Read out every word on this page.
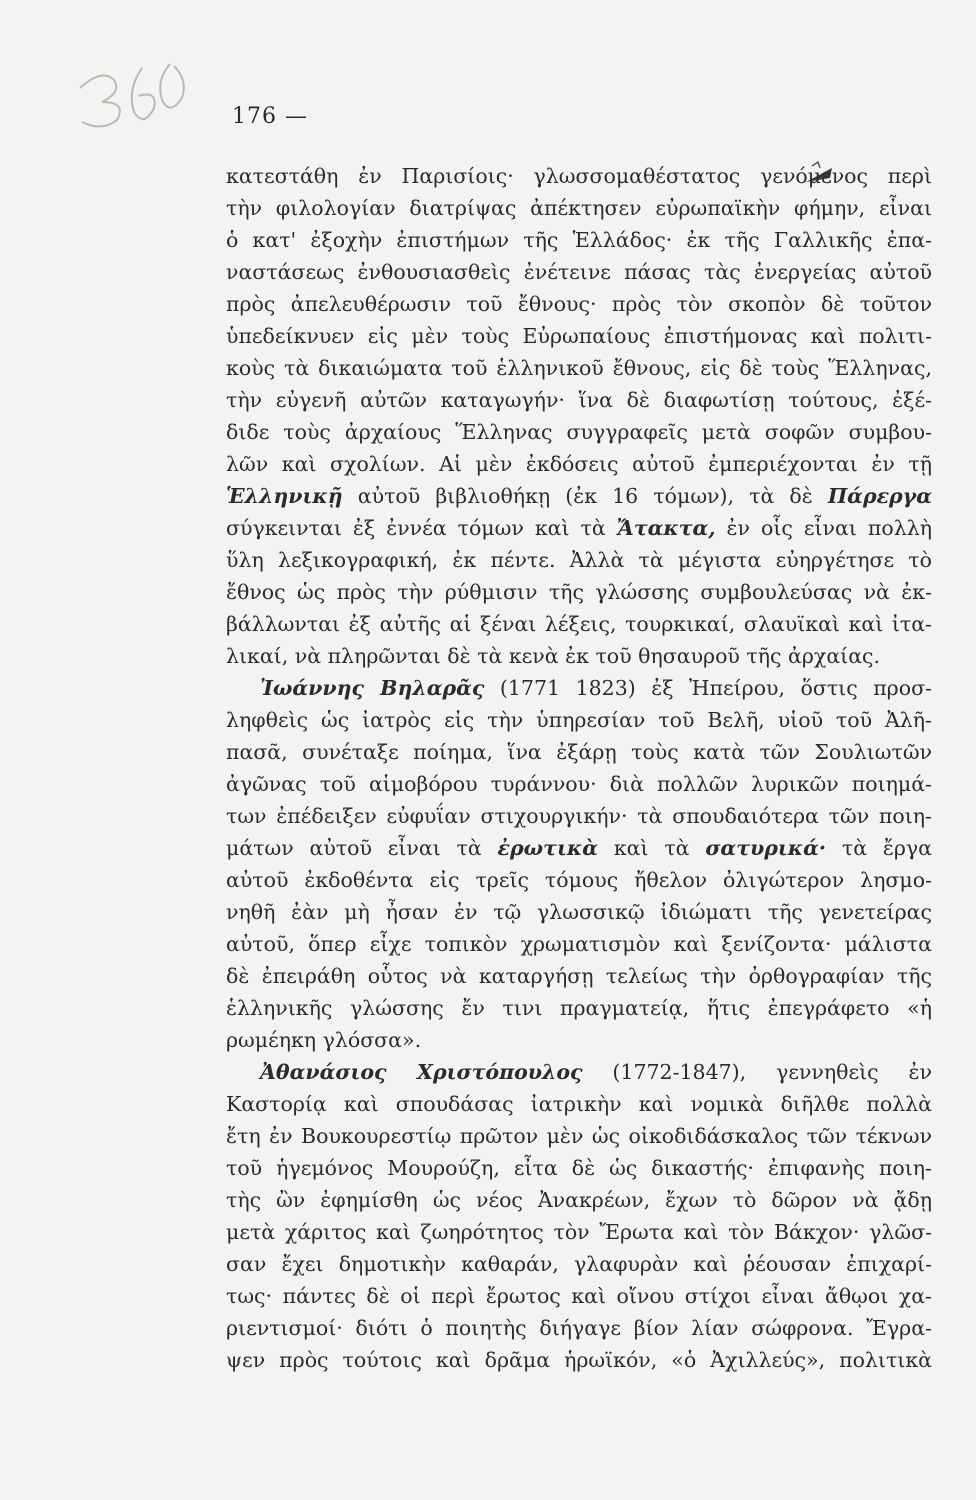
176 —
κατεστάθη ἐν Παρισίοις· γλωσσομαθέστατος γενόμενος περὶ
τὴν φιλολογίαν διατρίψας ἀπέκτησεν εὐρωπαϊκὴν φήμην, εἶναι
ὁ κατ' ἐξοχὴν ἐπιστήμων τῆς Ἑλλάδος· ἐκ τῆς Γαλλικῆς ἐπα-
ναστάσεως ἐνθουσιασθεὶς ἐνέτεινε πάσας τὰς ἐνεργείας αὐτοῦ
πρὸς ἀπελευθέρωσιν τοῦ ἔθνους· πρὸς τὸν σκοπὸν δὲ τοῦτον
ὑπεδείκνυεν εἰς μὲν τοὺς Εὐρωπαίους ἐπιστήμονας καὶ πολιτι-
κοὺς τὰ δικαιώματα τοῦ ἑλληνικοῦ ἔθνους, εἰς δὲ τοὺς Ἕλληνας,
τὴν εὐγενῆ αὐτῶν καταγωγήν· ἵνα δὲ διαφωτίσῃ τούτους, ἐξέ-
διδε τοὺς ἀρχαίους Ἕλληνας συγγραφεῖς μετὰ σοφῶν συμβου-
λῶν καὶ σχολίων. Αἱ μὲν ἐκδόσεις αὐτοῦ ἐμπεριέχονται ἐν τῇ
Ἑλληνικῇ αὐτοῦ βιβλιοθήκῃ (ἐκ 16 τόμων), τὰ δὲ Πάρεργα
σύγκεινται ἐξ ἐννέα τόμων καὶ τὰ Ἄτακτα, ἐν οἷς εἶναι πολλὴ
ὕλη λεξικογραφική, ἐκ πέντε. Ἀλλὰ τὰ μέγιστα εὐηργέτησε τὸ
ἔθνος ὡς πρὸς τὴν ρύθμισιν τῆς γλώσσης συμβουλεύσας νὰ ἐκ-
βάλλωνται ἐξ αὐτῆς αἱ ξέναι λέξεις, τουρκικαί, σλαυϊκαὶ καὶ ἰτα-
λικαί, νὰ πληρῶνται δὲ τὰ κενὰ ἐκ τοῦ θησαυροῦ τῆς ἀρχαίας.
Ἰωάννης Βηλαρᾶς (1771 1823) ἐξ Ἠπείρου, ὅστις προσ-
ληφθεὶς ὡς ἰατρὸς εἰς τὴν ὑπηρεσίαν τοῦ Βελῆ, υἱοῦ τοῦ Ἀλῆ-
πασᾶ, συνέταξε ποίημα, ἵνα ἐξάρῃ τοὺς κατὰ τῶν Σουλιωτῶν
ἀγῶνας τοῦ αἱμοβόρου τυράννου· διὰ πολλῶν λυρικῶν ποιημά-
των ἐπέδειξεν εὐφυΐαν στιχουργικήν· τὰ σπουδαιότερα τῶν ποιη-
μάτων αὐτοῦ εἶναι τὰ ἐρωτικὰ καὶ τὰ σατυρικά· τὰ ἔργα
αὐτοῦ ἐκδοθέντα εἰς τρεῖς τόμους ἤθελον ὀλιγώτερον λησμο-
νηθῆ ἐὰν μὴ ἦσαν ἐν τῷ γλωσσικῷ ἰδιώματι τῆς γενετείρας
αὐτοῦ, ὅπερ εἶχε τοπικὸν χρωματισμὸν καὶ ξενίζοντα· μάλιστα
δὲ ἐπειράθη οὗτος νὰ καταργήσῃ τελείως τὴν ὀρθογραφίαν τῆς
ἑλληνικῆς γλώσσης ἔν τινι πραγματείᾳ, ἥτις ἐπεγράφετο «ἡ
ρωμέηκη γλόσσα».
Ἀθανάσιος Χριστόπουλος (1772-1847), γεννηθεὶς ἐν
Καστορίᾳ καὶ σπουδάσας ἰατρικὴν καὶ νομικὰ διῆλθε πολλὰ
ἔτη ἐν Βουκουρεστίῳ πρῶτον μὲν ὡς οἰκοδιδάσκαλος τῶν τέκνων
τοῦ ἡγεμόνος Μουρούζη, εἶτα δὲ ὡς δικαστής· ἐπιφανὴς ποιη-
τὴς ὢν ἐφημίσθη ὡς νέος Ἀνακρέων, ἔχων τὸ δῶρον νὰ ᾄδῃ
μετὰ χάριτος καὶ ζωηρότητος τὸν Ἔρωτα καὶ τὸν Βάκχον· γλῶσ-
σαν ἔχει δημοτικὴν καθαράν, γλαφυρὰν καὶ ῥέουσαν ἐπιχαρί-
τως· πάντες δὲ οἱ περὶ ἔρωτος καὶ οἴνου στίχοι εἶναι ἄθῳοι χα-
ριεντισμοί· διότι ὁ ποιητὴς διήγαγε βίον λίαν σώφρονα. Ἔγρα-
ψεν πρὸς τούτοις καὶ δρᾶμα ἡρωϊκόν, «ὁ Ἀχιλλεύς», πολιτικὰ
